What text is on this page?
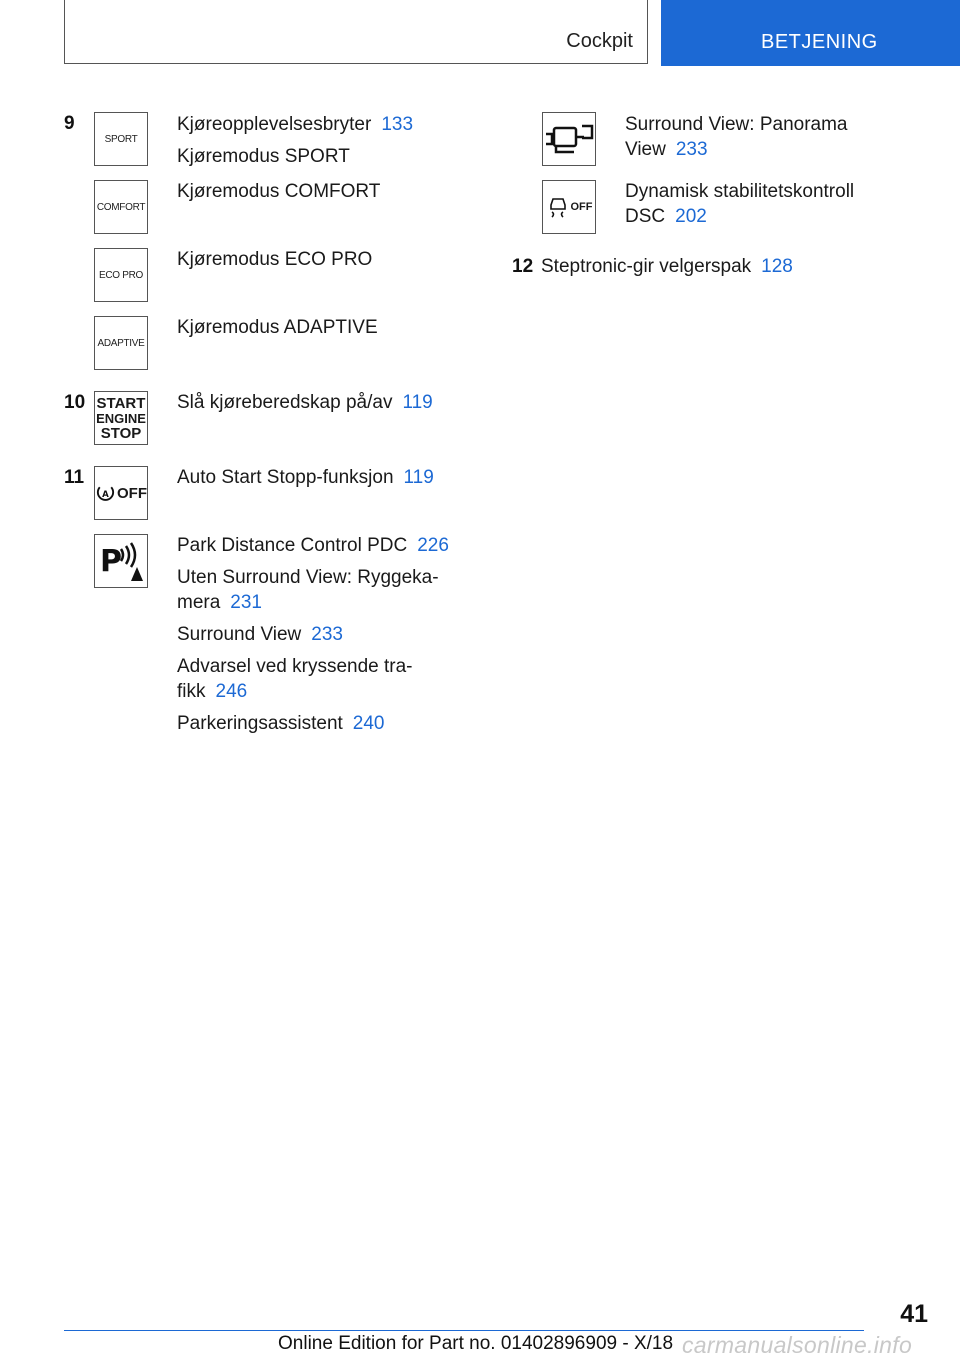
Cockpit	BETJENING
9
SPORT

Kjøreopplevelsesbryter 133

Kjøremodus SPORT

COMFORT
Kjøremodus COMFORT
ECO PRO
Kjøremodus ECO PRO
ADAPTIVE
Kjøremodus ADAPTIVE
10 START
ENGINE
STOP
Slå kjøreberedskap på/av 119
11
A OFF
Auto Start Stopp-funksjon 119
P	Park Distance Control PDC 226

Uten Surround View: Ryggeka-
mera 231

Surround View 233

Advarsel ved kryssende tra-
fikk 246

Parkeringsassistent 240

Surround View: Panorama
View 233
OFF
Dynamisk stabilitetskontroll
DSC 202
12 Steptronic-gir velgerspak 128
41
Online Edition for Part no. 01402896909 - X/18 carmanualsonline.info
